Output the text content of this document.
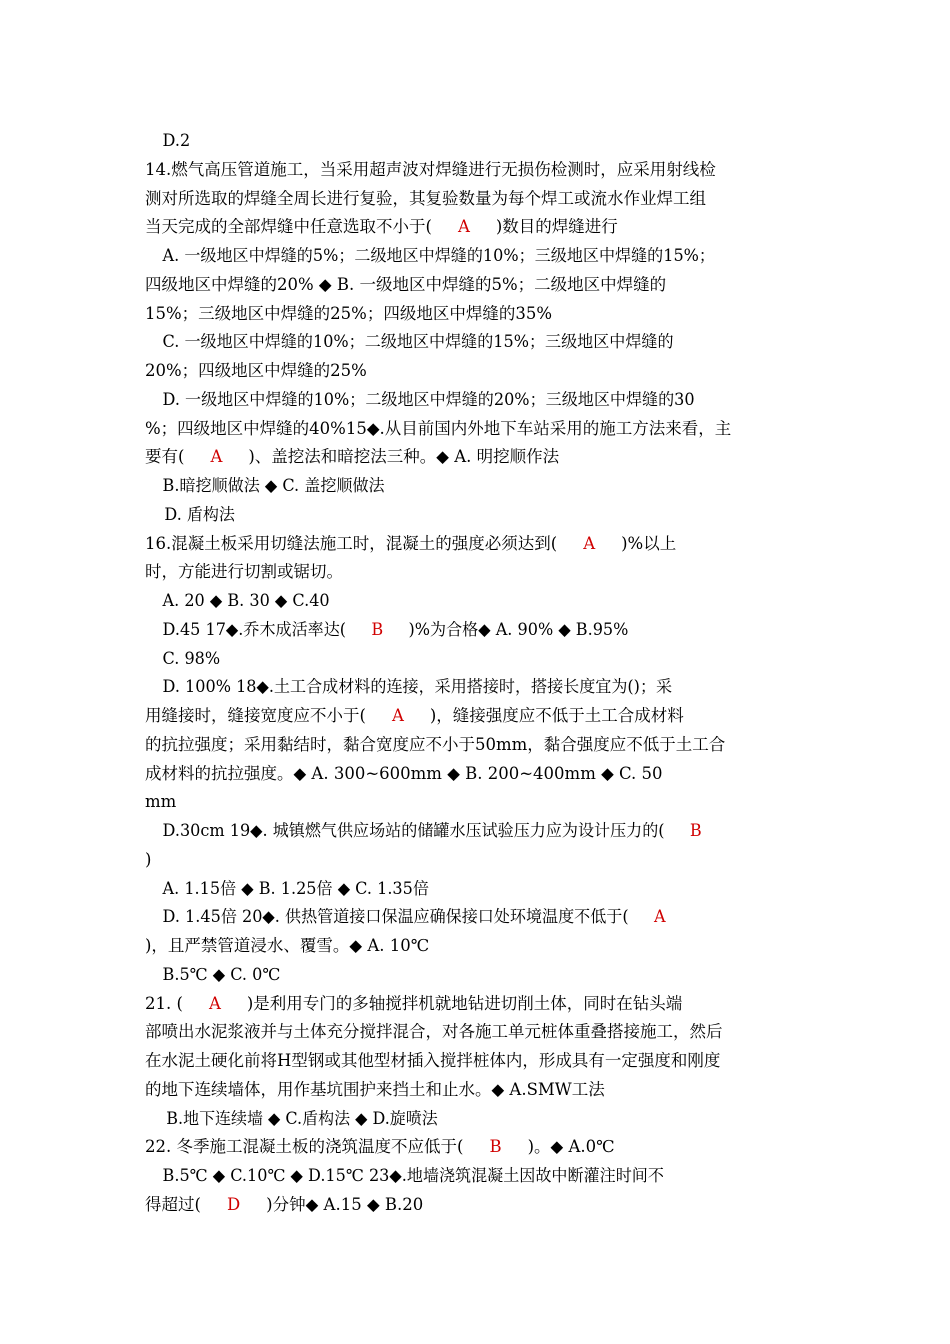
D.2
14.燃气高压管道施工，当采用超声波对焊缝进行无损伤检测时，应采用射线检
测对所选取的焊缝全周长进行复验，其复验数量为每个焊工或流水作业焊工组
当天完成的全部焊缝中任意选取不小于( A )数目的焊缝进行
A. 一级地区中焊缝的5%；二级地区中焊缝的10%；三级地区中焊缝的15%；
四级地区中焊缝的20% ◆ B. 一级地区中焊缝的5%；二级地区中焊缝的
15%；三级地区中焊缝的25%；四级地区中焊缝的35%
C. 一级地区中焊缝的10%；二级地区中焊缝的15%；三级地区中焊缝的
20%；四级地区中焊缝的25%
D. 一级地区中焊缝的10%；二级地区中焊缝的20%；三级地区中焊缝的30
%；四级地区中焊缝的40%15◆.从目前国内外地下车站采用的施工方法来看，主
要有( A )、盖挖法和暗挖法三种。◆ A. 明挖顺作法
B.暗挖顺做法 ◆ C. 盖挖顺做法
D. 盾构法
16.混凝土板采用切缝法施工时，混凝土的强度必须达到( A )%以上
时，方能进行切割或锯切。
A. 20 ◆ B. 30 ◆ C.40
D.45 17◆.乔木成活率达( B )%为合格◆ A. 90% ◆ B.95%
C. 98%
D. 100% 18◆.土工合成材料的连接，采用搭接时，搭接长度宜为()；采
用缝接时，缝接宽度应不小于( A )，缝接强度应不低于土工合成材料
的抗拉强度；采用黏结时，黏合宽度应不小于50mm，黏合强度应不低于土工合
成材料的抗拉强度。◆ A. 300~600mm ◆ B. 200~400mm ◆ C. 50
mm
D.30cm 19◆. 城镇燃气供应场站的储罐水压试验压力应为设计压力的( B
)
A. 1.15倍 ◆ B. 1.25倍 ◆ C. 1.35倍
D. 1.45倍 20◆. 供热管道接口保温应确保接口处环境温度不低于( A
)，且严禁管道浸水、覆雪。◆ A. 10℃
B.5℃ ◆ C. 0℃
21. ( A )是利用专门的多轴搅拌机就地钻进切削土体，同时在钻头端
部喷出水泥浆液并与土体充分搅拌混合，对各施工单元桩体重叠搭接施工，然后
在水泥土硬化前将H型钢或其他型材插入搅拌桩体内，形成具有一定强度和刚度
的地下连续墙体，用作基坑围护来挡土和止水。◆ A.SMW工法
B.地下连续墙 ◆ C.盾构法 ◆ D.旋喷法
22. 冬季施工混凝土板的浇筑温度不应低于( B )。◆ A.0℃
B.5℃ ◆ C.10℃ ◆ D.15℃ 23◆.地墙浇筑混凝土因故中断灌注时间不
得超过( D )分钟◆ A.15 ◆ B.20
